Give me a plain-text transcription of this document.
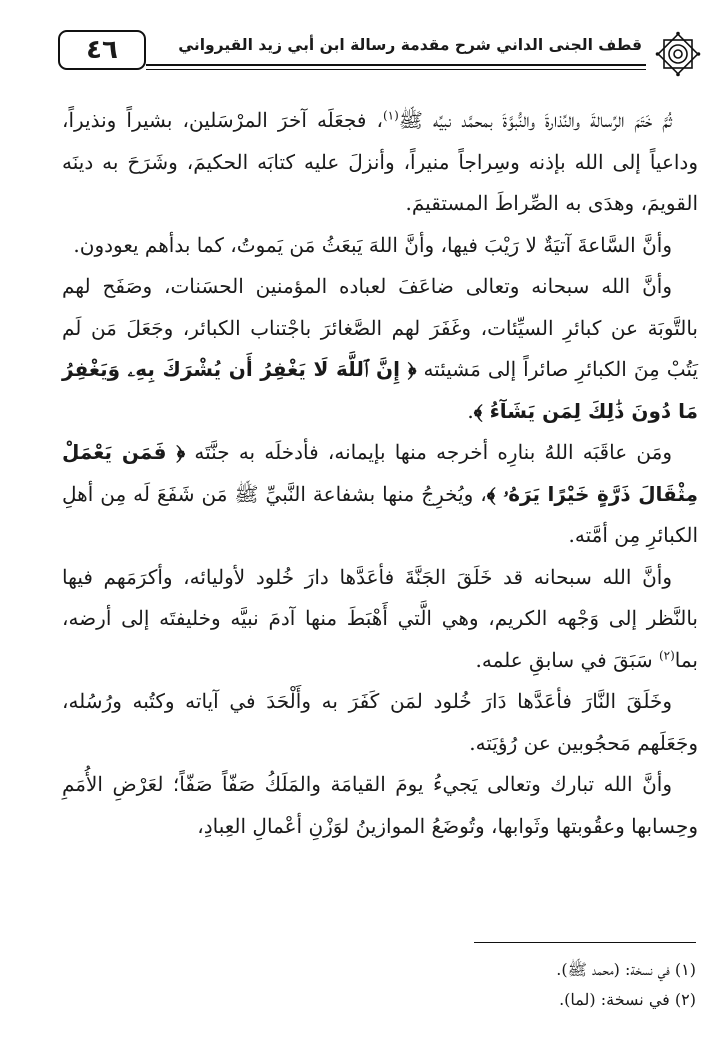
٤٦	قطف الجنى الداني شرح مقدمة رسالة ابن أبي زيد القيرواني

ثُمَّ خَتَمَ الرِّسالةَ والنِّذارةَ والنُّبوَّةَ بمحمَّد نبيِّه ﷺ$^{(١)}$، فجعَلَه آخرَ المرْسَلين، بشيراً ونذيراً، وداعياً إلى الله بإذنه وسِراجاً منيراً، وأنزلَ عليه كتابَه الحكيمَ، وشَرَحَ به دينَه القويمَ، وهدَى به الصِّراطَ المستقيمَ.

وأنَّ السَّاعةَ آتيَةٌ لا رَيْبَ فيها، وأنَّ اللهَ يَبعَثُ مَن يَموتُ، كما بدأهم يعودون.

وأنَّ الله سبحانه وتعالى ضاعَفَ لعباده المؤمنين الحسَنات، وصَفَح لهم بالتَّوبَة عن كبائرِ السيِّئات، وغَفَرَ لهم الصَّغائرَ باجْتناب الكبائر، وجَعَلَ مَن لَم يَتُبْ مِنَ الكبائرِ صائراً إلى مَشيئته ﴿ إِنَّ ٱللَّهَ لَا يَغْفِرُ أَن يُشْرَكَ بِهِۦ وَيَغْفِرُ مَا دُونَ ذَٰلِكَ لِمَن يَشَآءُ ﴾.

ومَن عاقَبَه اللهُ بنارِه أخرجه منها بإيمانه، فأدخلَه به جنَّتَه ﴿ فَمَن يَعْمَلْ مِثْقَالَ ذَرَّةٍ خَيْرًا يَرَهُۥ ﴾، ويُخرِجُ منها بشفاعة النَّبيِّ ﷺ مَن شَفَعَ لَه مِن أهلِ الكبائرِ مِن أمَّته.

وأنَّ الله سبحانه قد خَلَقَ الجَنَّةَ فأعَدَّها دارَ خُلود لأوليائه، وأكرَمَهم فيها بالنَّظر إلى وَجْهه الكريم، وهي الَّتي أَهْبَطَ منها آدمَ نبيَّه وخليفتَه إلى أرضه، بما$^{(٢)}$ سَبَقَ في سابقِ علمه.

وخَلَقَ النَّارَ فأعَدَّها دَارَ خُلود لمَن كَفَرَ به وأَلْحَدَ في آياته وكتُبه ورُسُله، وجَعَلَهم مَحجُوبين عن رُؤيَته.

وأنَّ الله تبارك وتعالى يَجيءُ يومَ القيامَة والمَلَكُ صَفّاً صَفّاً؛ لعَرْضِ الأُمَمِ وحِسابها وعقُوبتها وثَوابها، وتُوضَعُ الموازينُ لوَزْنِ أعْمالِ العِبادِ،

(١) في نسخة: (محمد ﷺ).

(٢) في نسخة: (لما).
